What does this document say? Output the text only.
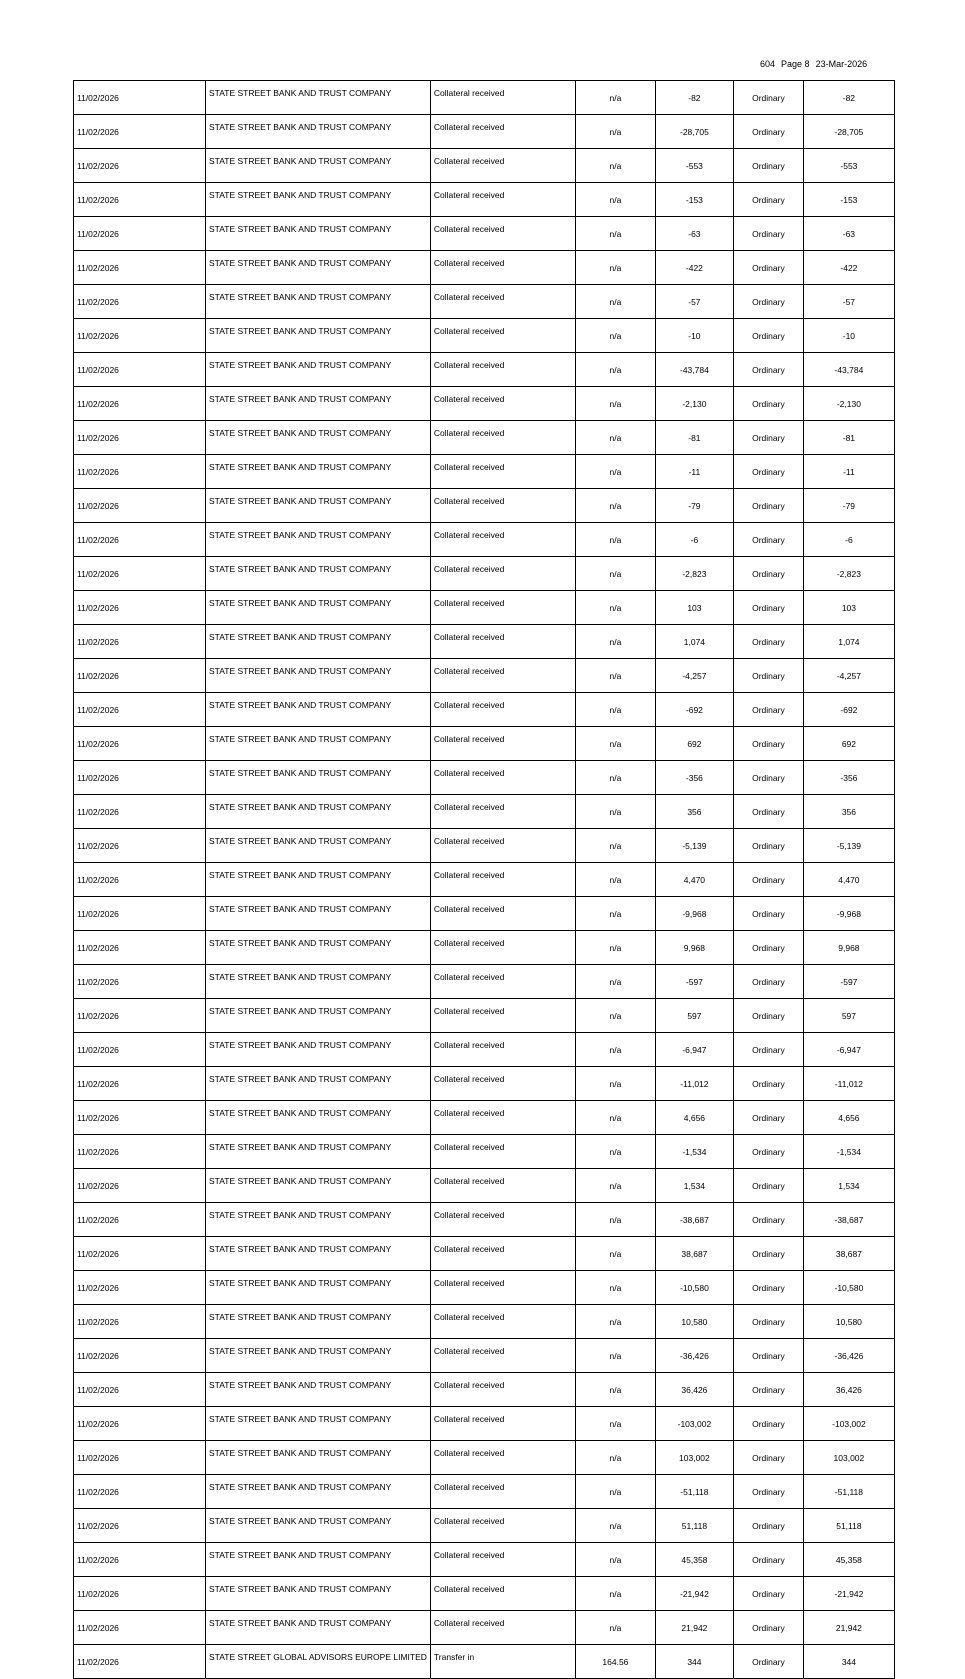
604 Page 8 23-Mar-2026
11/02/2026	STATE STREET BANK AND TRUST COMPANY	Collateral received	n/a	-82	Ordinary	-82
11/02/2026	STATE STREET BANK AND TRUST COMPANY	Collateral received	n/a	-28,705	Ordinary	-28,705
11/02/2026	STATE STREET BANK AND TRUST COMPANY	Collateral received	n/a	-553	Ordinary	-553
11/02/2026	STATE STREET BANK AND TRUST COMPANY	Collateral received	n/a	-153	Ordinary	-153
11/02/2026	STATE STREET BANK AND TRUST COMPANY	Collateral received	n/a	-63	Ordinary	-63
11/02/2026	STATE STREET BANK AND TRUST COMPANY	Collateral received	n/a	-422	Ordinary	-422
11/02/2026	STATE STREET BANK AND TRUST COMPANY	Collateral received	n/a	-57	Ordinary	-57
11/02/2026	STATE STREET BANK AND TRUST COMPANY	Collateral received	n/a	-10	Ordinary	-10
11/02/2026	STATE STREET BANK AND TRUST COMPANY	Collateral received	n/a	-43,784	Ordinary	-43,784
11/02/2026	STATE STREET BANK AND TRUST COMPANY	Collateral received	n/a	-2,130	Ordinary	-2,130
11/02/2026	STATE STREET BANK AND TRUST COMPANY	Collateral received	n/a	-81	Ordinary	-81
11/02/2026	STATE STREET BANK AND TRUST COMPANY	Collateral received	n/a	-11	Ordinary	-11
11/02/2026	STATE STREET BANK AND TRUST COMPANY	Collateral received	n/a	-79	Ordinary	-79
11/02/2026	STATE STREET BANK AND TRUST COMPANY	Collateral received	n/a	-6	Ordinary	-6
11/02/2026	STATE STREET BANK AND TRUST COMPANY	Collateral received	n/a	-2,823	Ordinary	-2,823
11/02/2026	STATE STREET BANK AND TRUST COMPANY	Collateral received	n/a	103	Ordinary	103
11/02/2026	STATE STREET BANK AND TRUST COMPANY	Collateral received	n/a	1,074	Ordinary	1,074
11/02/2026	STATE STREET BANK AND TRUST COMPANY	Collateral received	n/a	-4,257	Ordinary	-4,257
11/02/2026	STATE STREET BANK AND TRUST COMPANY	Collateral received	n/a	-692	Ordinary	-692
11/02/2026	STATE STREET BANK AND TRUST COMPANY	Collateral received	n/a	692	Ordinary	692
11/02/2026	STATE STREET BANK AND TRUST COMPANY	Collateral received	n/a	-356	Ordinary	-356
11/02/2026	STATE STREET BANK AND TRUST COMPANY	Collateral received	n/a	356	Ordinary	356
11/02/2026	STATE STREET BANK AND TRUST COMPANY	Collateral received	n/a	-5,139	Ordinary	-5,139
11/02/2026	STATE STREET BANK AND TRUST COMPANY	Collateral received	n/a	4,470	Ordinary	4,470
11/02/2026	STATE STREET BANK AND TRUST COMPANY	Collateral received	n/a	-9,968	Ordinary	-9,968
11/02/2026	STATE STREET BANK AND TRUST COMPANY	Collateral received	n/a	9,968	Ordinary	9,968
11/02/2026	STATE STREET BANK AND TRUST COMPANY	Collateral received	n/a	-597	Ordinary	-597
11/02/2026	STATE STREET BANK AND TRUST COMPANY	Collateral received	n/a	597	Ordinary	597
11/02/2026	STATE STREET BANK AND TRUST COMPANY	Collateral received	n/a	-6,947	Ordinary	-6,947
11/02/2026	STATE STREET BANK AND TRUST COMPANY	Collateral received	n/a	-11,012	Ordinary	-11,012
11/02/2026	STATE STREET BANK AND TRUST COMPANY	Collateral received	n/a	4,656	Ordinary	4,656
11/02/2026	STATE STREET BANK AND TRUST COMPANY	Collateral received	n/a	-1,534	Ordinary	-1,534
11/02/2026	STATE STREET BANK AND TRUST COMPANY	Collateral received	n/a	1,534	Ordinary	1,534
11/02/2026	STATE STREET BANK AND TRUST COMPANY	Collateral received	n/a	-38,687	Ordinary	-38,687
11/02/2026	STATE STREET BANK AND TRUST COMPANY	Collateral received	n/a	38,687	Ordinary	38,687
11/02/2026	STATE STREET BANK AND TRUST COMPANY	Collateral received	n/a	-10,580	Ordinary	-10,580
11/02/2026	STATE STREET BANK AND TRUST COMPANY	Collateral received	n/a	10,580	Ordinary	10,580
11/02/2026	STATE STREET BANK AND TRUST COMPANY	Collateral received	n/a	-36,426	Ordinary	-36,426
11/02/2026	STATE STREET BANK AND TRUST COMPANY	Collateral received	n/a	36,426	Ordinary	36,426
11/02/2026	STATE STREET BANK AND TRUST COMPANY	Collateral received	n/a	-103,002	Ordinary	-103,002
11/02/2026	STATE STREET BANK AND TRUST COMPANY	Collateral received	n/a	103,002	Ordinary	103,002
11/02/2026	STATE STREET BANK AND TRUST COMPANY	Collateral received	n/a	-51,118	Ordinary	-51,118
11/02/2026	STATE STREET BANK AND TRUST COMPANY	Collateral received	n/a	51,118	Ordinary	51,118
11/02/2026	STATE STREET BANK AND TRUST COMPANY	Collateral received	n/a	45,358	Ordinary	45,358
11/02/2026	STATE STREET BANK AND TRUST COMPANY	Collateral received	n/a	-21,942	Ordinary	-21,942
11/02/2026	STATE STREET BANK AND TRUST COMPANY	Collateral received	n/a	21,942	Ordinary	21,942
11/02/2026	STATE STREET GLOBAL ADVISORS EUROPE LIMITED	Transfer in	164.56	344	Ordinary	344
